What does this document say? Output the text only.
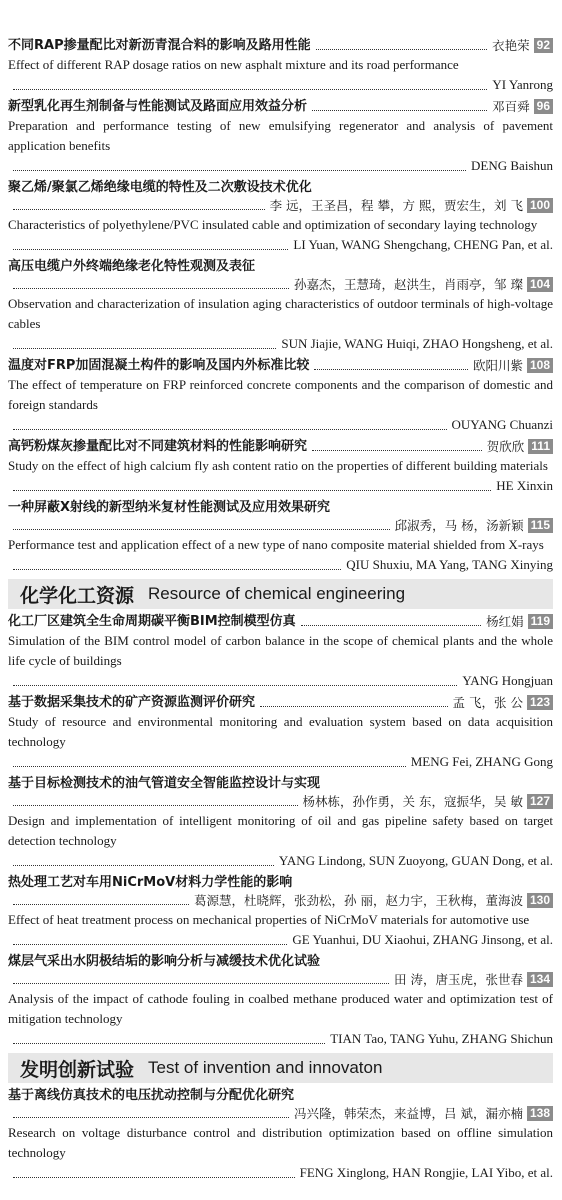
不同RAP掺量配比对新沥青混合料的影响及路用性能	衣艳荣 92
Effect of different RAP dosage ratios on new asphalt mixture and its road performance
YI Yanrong
新型乳化再生剂制备与性能测试及路面应用效益分析	邓百舜 96
Preparation and performance testing of new emulsifying regenerator and analysis of pavement application benefits
DENG Baishun
聚乙烯/聚氯乙烯绝缘电缆的特性及二次敷设技术优化
李 远，王圣昌，程 攀，方 熙，贾宏生，刘 飞 100
Characteristics of polyethylene/PVC insulated cable and optimization of secondary laying technology
LI Yuan, WANG Shengchang, CHENG Pan, et al.
高压电缆户外终端绝缘老化特性观测及表征
孙嘉杰，王慧琦，赵洪生，肖雨亭，邹 璨 104
Observation and characterization of insulation aging characteristics of outdoor terminals of high-voltage cables
SUN Jiajie, WANG Huiqi, ZHAO Hongsheng, et al.
温度对FRP加固混凝土构件的影响及国内外标准比较	欧阳川紫 108
The effect of temperature on FRP reinforced concrete components and the comparison of domestic and foreign standards
OUYANG Chuanzi
高钙粉煤灰掺量配比对不同建筑材料的性能影响研究	贺欣欣 111
Study on the effect of high calcium fly ash content ratio on the properties of different building materials
HE Xinxin
一种屏蔽X射线的新型纳米复材性能测试及应用效果研究
邱淑秀，马 杨，汤新颖 115
Performance test and application effect of a new type of nano composite material shielded from X-rays
QIU Shuxiu, MA Yang, TANG Xinying
化学化工资源 Resource of chemical engineering
化工厂区建筑全生命周期碳平衡BIM控制模型仿真	杨红娟 119
Simulation of the BIM control model of carbon balance in the scope of chemical plants and the whole life cycle of buildings
YANG Hongjuan
基于数据采集技术的矿产资源监测评价研究	孟 飞，张 公 123
Study of resource and environmental monitoring and evaluation system based on data acquisition technology
MENG Fei, ZHANG Gong
基于目标检测技术的油气管道安全智能监控设计与实现
杨林栋，孙作勇，关 东，寇振华，吴 敏 127
Design and implementation of intelligent monitoring of oil and gas pipeline safety based on target detection technology
YANG Lindong, SUN Zuoyong, GUAN Dong, et al.
热处理工艺对车用NiCrMoV材料力学性能的影响
葛源慧，杜晓辉，张劲松，孙 丽，赵力宇，王秋梅，董海波 130
Effect of heat treatment process on mechanical properties of NiCrMoV materials for automotive use
GE Yuanhui, DU Xiaohui, ZHANG Jinsong, et al.
煤层气采出水阴极结垢的影响分析与减缓技术优化试验
田 涛，唐玉虎，张世春 134
Analysis of the impact of cathode fouling in coalbed methane produced water and optimization test of mitigation technology
TIAN Tao, TANG Yuhu, ZHANG Shichun
发明创新试验 Test of invention and innovaton
基于离线仿真技术的电压扰动控制与分配优化研究
冯兴隆，韩荣杰，来益博，吕 斌，漏亦楠 138
Research on voltage disturbance control and distribution optimization based on offline simulation technology
FENG Xinglong, HAN Rongjie, LAI Yibo, et al.
